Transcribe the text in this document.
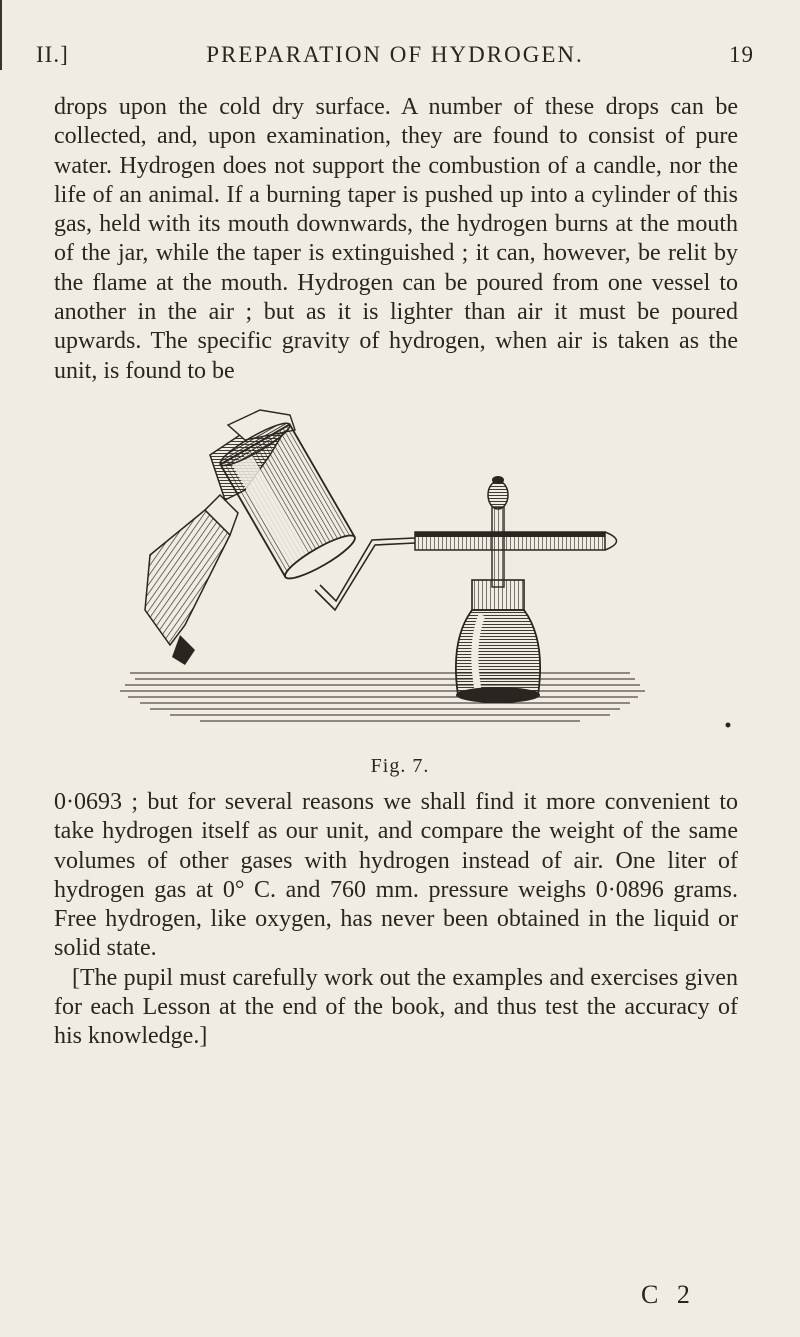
II.]	PREPARATION OF HYDROGEN.	19

drops upon the cold dry surface. A number of these drops can be collected, and, upon examination, they are found to consist of pure water. Hydrogen does not support the combustion of a candle, nor the life of an animal. If a burning taper is pushed up into a cylinder of this gas, held with its mouth downwards, the hydrogen burns at the mouth of the jar, while the taper is extinguished ; it can, however, be relit by the flame at the mouth. Hydrogen can be poured from one vessel to another in the air ; but as it is lighter than air it must be poured upwards. The specific gravity of hydrogen, when air is taken as the unit, is found to be

Fig. 7.

0·0693 ; but for several reasons we shall find it more convenient to take hydrogen itself as our unit, and compare the weight of the same volumes of other gases with hydrogen instead of air. One liter of hydrogen gas at 0° C. and 760 mm. pressure weighs 0·0896 grams. Free hydrogen, like oxygen, has never been obtained in the liquid or solid state.

[The pupil must carefully work out the examples and exercises given for each Lesson at the end of the book, and thus test the accuracy of his knowledge.]

C 2
